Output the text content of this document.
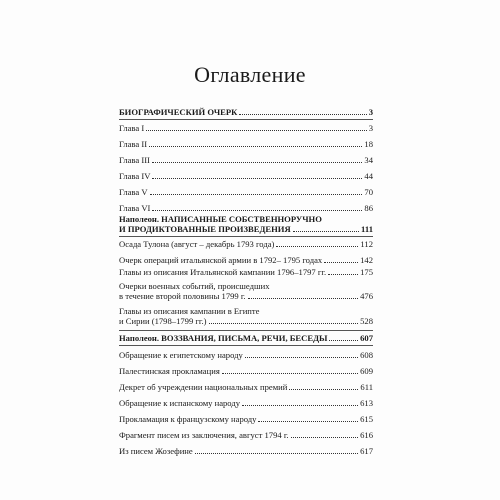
Оглавление
БИОГРАФИЧЕСКИЙ ОЧЕРК	3
Глава I	3
Глава II	18
Глава III	34
Глава IV	44
Глава V	70
Глава VI	86
Наполеон. НАПИСАННЫЕ СОБСТВЕННОРУЧНО
И ПРОДИКТОВАННЫЕ ПРОИЗВЕДЕНИЯ	111
Осада Тулона (август – декабрь 1793 года)	112
Очерк операций итальянской армии в 1792– 1795 годах	142
Главы из описания Итальянской кампании 1796–1797 гг.	175
Очерки военных событий, происшедших
в течение второй половины 1799 г.	476
Главы из описания кампании в Египте
и Сирии (1798–1799 гг.)	528
Наполеон. ВОЗЗВАНИЯ, ПИСЬМА, РЕЧИ, БЕСЕДЫ	607
Обращение к египетскому народу	608
Палестинская прокламация	609
Декрет об учреждении национальных премий	611
Обращение к испанскому народу	613
Прокламация к французскому народу	615
Фрагмент писем из заключения, август 1794 г.	616
Из писем Жозефине	617
